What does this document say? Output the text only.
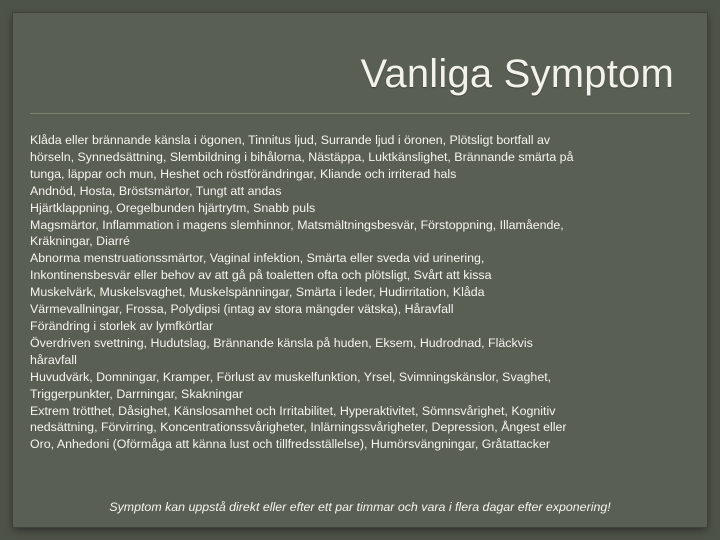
Vanliga Symptom
Klåda eller brännande känsla i ögonen, Tinnitus ljud, Surrande ljud i öronen, Plötsligt bortfall av
hörseln, Synnedsättning, Slembildning i bihålorna, Nästäppa, Luktkänslighet, Brännande smärta på
tunga, läppar och mun, Heshet och röstförändringar, Kliande och irriterad hals
Andnöd, Hosta, Bröstsmärtor, Tungt att andas
Hjärtklappning, Oregelbunden hjärtrytm, Snabb puls
Magsmärtor, Inflammation i magens slemhinnor, Matsmältningsbesvär, Förstoppning, Illamående,
Kräkningar, Diarré
Abnorma menstruationssmärtor, Vaginal infektion, Smärta eller sveda vid urinering,
Inkontinensbesvär eller behov av att gå på toaletten ofta och plötsligt, Svårt att kissa
Muskelvärk, Muskelsvaghet, Muskelspänningar, Smärta i leder, Hudirritation, Klåda
Värmevallningar, Frossa, Polydipsi (intag av stora mängder vätska), Håravfall
Förändring i storlek av lymfkörtlar
Överdriven svettning, Hudutslag, Brännande känsla på huden, Eksem, Hudrodnad, Fläckvis
håravfall
Huvudvärk, Domningar, Kramper, Förlust av muskelfunktion, Yrsel, Svimningskänslor, Svaghet,
Triggerpunkter, Darrningar, Skakningar
Extrem trötthet, Dåsighet, Känslosamhet och Irritabilitet, Hyperaktivitet, Sömnsvårighet, Kognitiv
nedsättning, Förvirring, Koncentrationssvårigheter, Inlärningssvårigheter, Depression, Ångest eller
Oro, Anhedoni (Oförmåga att känna lust och tillfredsställelse), Humörsvängningar, Gråtattacker
Symptom kan uppstå direkt eller efter ett par timmar och vara i flera dagar efter exponering!
